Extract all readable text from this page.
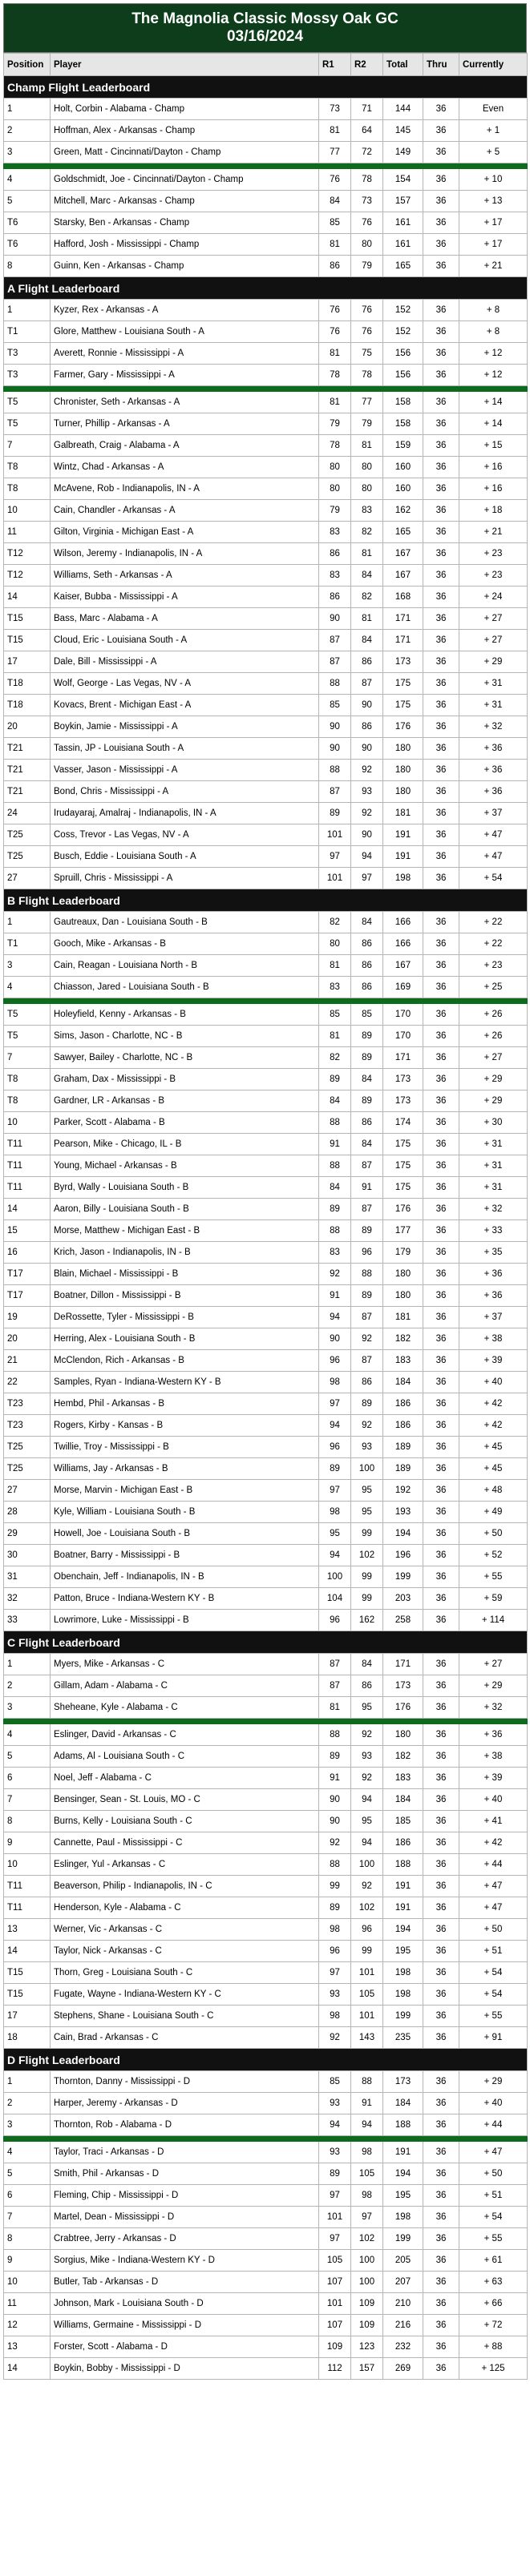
The Magnolia Classic Mossy Oak GC
03/16/2024
Position	Player	R1	R2	Total	Thru	Currently
Champ Flight Leaderboard						
1	Holt, Corbin - Alabama - Champ	73	71	144	36	Even
2	Hoffman, Alex - Arkansas - Champ	81	64	145	36	+ 1
3	Green, Matt - Cincinnati/Dayton - Champ	77	72	149	36	+ 5

4	Goldschmidt, Joe - Cincinnati/Dayton - Champ	76	78	154	36	+ 10
5	Mitchell, Marc - Arkansas - Champ	84	73	157	36	+ 13
T6	Starsky, Ben - Arkansas - Champ	85	76	161	36	+ 17
T6	Hafford, Josh - Mississippi - Champ	81	80	161	36	+ 17
8	Guinn, Ken - Arkansas - Champ	86	79	165	36	+ 21
A Flight Leaderboard						
1	Kyzer, Rex - Arkansas - A	76	76	152	36	+ 8
T1	Glore, Matthew - Louisiana South - A	76	76	152	36	+ 8
T3	Averett, Ronnie - Mississippi - A	81	75	156	36	+ 12
T3	Farmer, Gary - Mississippi - A	78	78	156	36	+ 12

T5	Chronister, Seth - Arkansas - A	81	77	158	36	+ 14
T5	Turner, Phillip - Arkansas - A	79	79	158	36	+ 14
7	Galbreath, Craig - Alabama - A	78	81	159	36	+ 15
T8	Wintz, Chad - Arkansas - A	80	80	160	36	+ 16
T8	McAvene, Rob - Indianapolis, IN - A	80	80	160	36	+ 16
10	Cain, Chandler - Arkansas - A	79	83	162	36	+ 18
11	Gilton, Virginia - Michigan East - A	83	82	165	36	+ 21
T12	Wilson, Jeremy - Indianapolis, IN - A	86	81	167	36	+ 23
T12	Williams, Seth - Arkansas - A	83	84	167	36	+ 23
14	Kaiser, Bubba - Mississippi - A	86	82	168	36	+ 24
T15	Bass, Marc - Alabama - A	90	81	171	36	+ 27
T15	Cloud, Eric - Louisiana South - A	87	84	171	36	+ 27
17	Dale, Bill - Mississippi - A	87	86	173	36	+ 29
T18	Wolf, George - Las Vegas, NV - A	88	87	175	36	+ 31
T18	Kovacs, Brent - Michigan East - A	85	90	175	36	+ 31
20	Boykin, Jamie - Mississippi - A	90	86	176	36	+ 32
T21	Tassin, JP - Louisiana South - A	90	90	180	36	+ 36
T21	Vasser, Jason - Mississippi - A	88	92	180	36	+ 36
T21	Bond, Chris - Mississippi - A	87	93	180	36	+ 36
24	Irudayaraj, Amalraj - Indianapolis, IN - A	89	92	181	36	+ 37
T25	Coss, Trevor - Las Vegas, NV - A	101	90	191	36	+ 47
T25	Busch, Eddie - Louisiana South - A	97	94	191	36	+ 47
27	Spruill, Chris - Mississippi - A	101	97	198	36	+ 54
B Flight Leaderboard						
1	Gautreaux, Dan - Louisiana South - B	82	84	166	36	+ 22
T1	Gooch, Mike - Arkansas - B	80	86	166	36	+ 22
3	Cain, Reagan - Louisiana North - B	81	86	167	36	+ 23
4	Chiasson, Jared - Louisiana South - B	83	86	169	36	+ 25

T5	Holeyfield, Kenny - Arkansas - B	85	85	170	36	+ 26
T5	Sims, Jason - Charlotte, NC - B	81	89	170	36	+ 26
7	Sawyer, Bailey - Charlotte, NC - B	82	89	171	36	+ 27
T8	Graham, Dax - Mississippi - B	89	84	173	36	+ 29
T8	Gardner, LR - Arkansas - B	84	89	173	36	+ 29
10	Parker, Scott - Alabama - B	88	86	174	36	+ 30
T11	Pearson, Mike - Chicago, IL - B	91	84	175	36	+ 31
T11	Young, Michael - Arkansas - B	88	87	175	36	+ 31
T11	Byrd, Wally - Louisiana South - B	84	91	175	36	+ 31
14	Aaron, Billy - Louisiana South - B	89	87	176	36	+ 32
15	Morse, Matthew - Michigan East - B	88	89	177	36	+ 33
16	Krich, Jason - Indianapolis, IN - B	83	96	179	36	+ 35
T17	Blain, Michael - Mississippi - B	92	88	180	36	+ 36
T17	Boatner, Dillon - Mississippi - B	91	89	180	36	+ 36
19	DeRossette, Tyler - Mississippi - B	94	87	181	36	+ 37
20	Herring, Alex - Louisiana South - B	90	92	182	36	+ 38
21	McClendon, Rich - Arkansas - B	96	87	183	36	+ 39
22	Samples, Ryan - Indiana-Western KY - B	98	86	184	36	+ 40
T23	Hembd, Phil - Arkansas - B	97	89	186	36	+ 42
T23	Rogers, Kirby - Kansas - B	94	92	186	36	+ 42
T25	Twillie, Troy - Mississippi - B	96	93	189	36	+ 45
T25	Williams, Jay - Arkansas - B	89	100	189	36	+ 45
27	Morse, Marvin - Michigan East - B	97	95	192	36	+ 48
28	Kyle, William - Louisiana South - B	98	95	193	36	+ 49
29	Howell, Joe - Louisiana South - B	95	99	194	36	+ 50
30	Boatner, Barry - Mississippi - B	94	102	196	36	+ 52
31	Obenchain, Jeff - Indianapolis, IN - B	100	99	199	36	+ 55
32	Patton, Bruce - Indiana-Western KY - B	104	99	203	36	+ 59
33	Lowrimore, Luke - Mississippi - B	96	162	258	36	+ 114
C Flight Leaderboard						
1	Myers, Mike - Arkansas - C	87	84	171	36	+ 27
2	Gillam, Adam - Alabama - C	87	86	173	36	+ 29
3	Sheheane, Kyle - Alabama - C	81	95	176	36	+ 32

4	Eslinger, David - Arkansas - C	88	92	180	36	+ 36
5	Adams, Al - Louisiana South - C	89	93	182	36	+ 38
6	Noel, Jeff - Alabama - C	91	92	183	36	+ 39
7	Bensinger, Sean - St. Louis, MO - C	90	94	184	36	+ 40
8	Burns, Kelly - Louisiana South - C	90	95	185	36	+ 41
9	Cannette, Paul - Mississippi - C	92	94	186	36	+ 42
10	Eslinger, Yul - Arkansas - C	88	100	188	36	+ 44
T11	Beaverson, Philip - Indianapolis, IN - C	99	92	191	36	+ 47
T11	Henderson, Kyle - Alabama - C	89	102	191	36	+ 47
13	Werner, Vic - Arkansas - C	98	96	194	36	+ 50
14	Taylor, Nick - Arkansas - C	96	99	195	36	+ 51
T15	Thorn, Greg - Louisiana South - C	97	101	198	36	+ 54
T15	Fugate, Wayne - Indiana-Western KY - C	93	105	198	36	+ 54
17	Stephens, Shane - Louisiana South - C	98	101	199	36	+ 55
18	Cain, Brad - Arkansas - C	92	143	235	36	+ 91
D Flight Leaderboard						
1	Thornton, Danny - Mississippi - D	85	88	173	36	+ 29
2	Harper, Jeremy - Arkansas - D	93	91	184	36	+ 40
3	Thornton, Rob - Alabama - D	94	94	188	36	+ 44

4	Taylor, Traci - Arkansas - D	93	98	191	36	+ 47
5	Smith, Phil - Arkansas - D	89	105	194	36	+ 50
6	Fleming, Chip - Mississippi - D	97	98	195	36	+ 51
7	Martel, Dean - Mississippi - D	101	97	198	36	+ 54
8	Crabtree, Jerry - Arkansas - D	97	102	199	36	+ 55
9	Sorgius, Mike - Indiana-Western KY - D	105	100	205	36	+ 61
10	Butler, Tab - Arkansas - D	107	100	207	36	+ 63
11	Johnson, Mark - Louisiana South - D	101	109	210	36	+ 66
12	Williams, Germaine - Mississippi - D	107	109	216	36	+ 72
13	Forster, Scott - Alabama - D	109	123	232	36	+ 88
14	Boykin, Bobby - Mississippi - D	112	157	269	36	+ 125
